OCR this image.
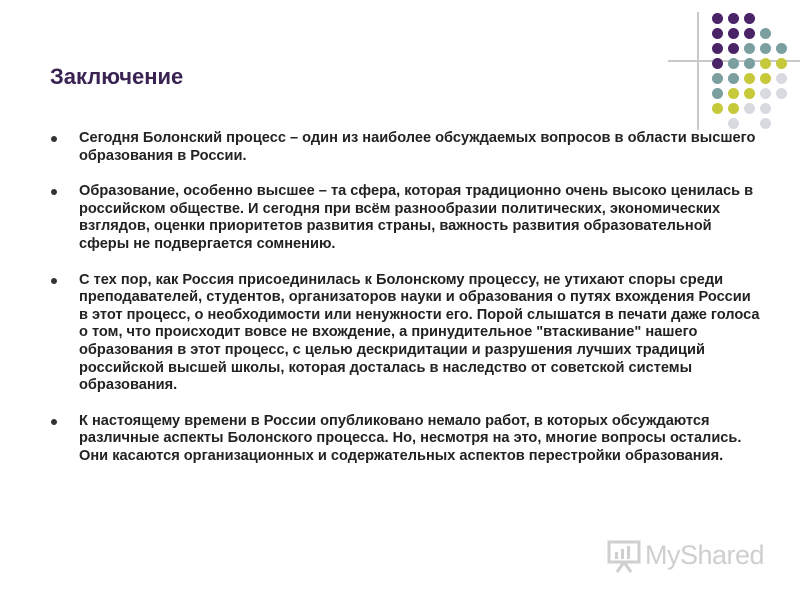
Заключение
Сегодня Болонский процесс – один из наиболее обсуждаемых вопросов в области высшего образования в России.
Образование, особенно высшее – та сфера, которая традиционно очень высоко ценилась в российском обществе. И сегодня при всём разнообразии политических, экономических взглядов, оценки приоритетов развития страны, важность развития образовательной сферы не подвергается сомнению.
С тех пор, как Россия присоединилась к Болонскому процессу, не утихают споры среди преподавателей, студентов, организаторов науки и образования о путях вхождения России в этот процесс, о необходимости или ненужности его. Порой слышатся в печати даже голоса о том, что происходит вовсе не вхождение, а принудительное "втаскивание" нашего образования в этот процесс, с целью дескридитации и разрушения лучших традиций российской высшей школы, которая досталась в наследство от советской системы образования.
К настоящему времени в России опубликовано немало работ, в которых обсуждаются различные аспекты Болонского процесса. Но, несмотря на это, многие вопросы остались. Они касаются организационных и содержательных аспектов перестройки образования.
MyShared
